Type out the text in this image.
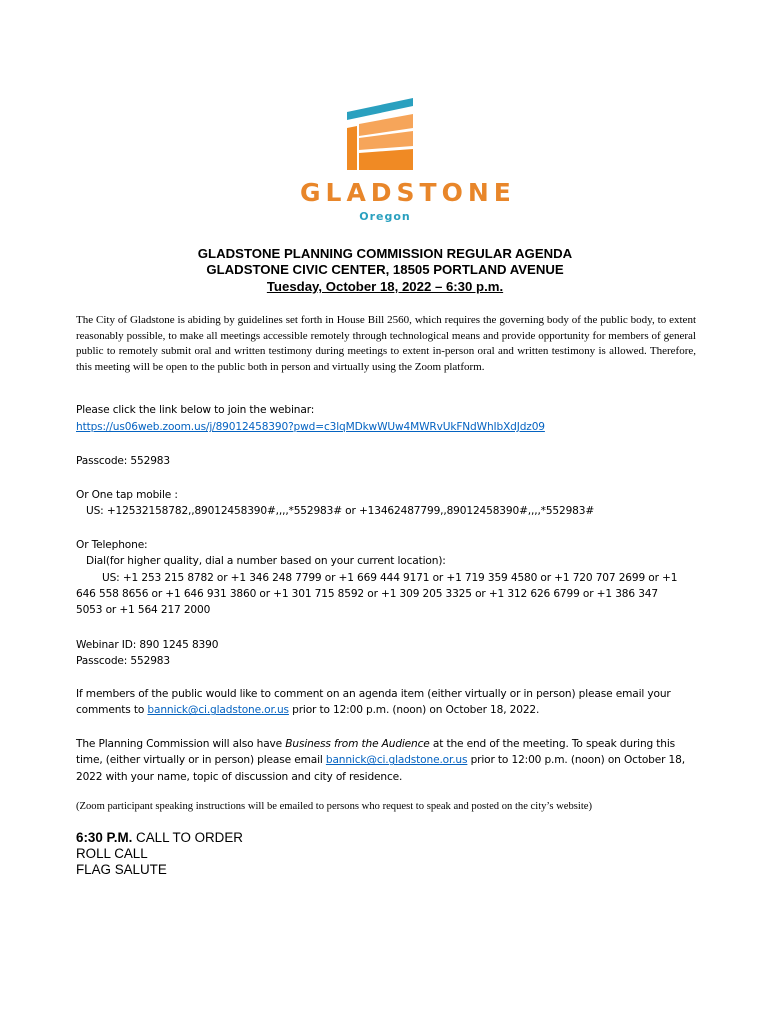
GLADSTONE
Oregon
GLADSTONE PLANNING COMMISSION REGULAR AGENDA
GLADSTONE CIVIC CENTER, 18505 PORTLAND AVENUE
Tuesday, October 18, 2022 – 6:30 p.m.
The City of Gladstone is abiding by guidelines set forth in House Bill 2560, which requires the governing body of the public body, to extent reasonably possible, to make all meetings accessible remotely through technological means and provide opportunity for members of general public to remotely submit oral and written testimony during meetings to extent in-person oral and written testimony is allowed. Therefore, this meeting will be open to the public both in person and virtually using the Zoom platform.
Please click the link below to join the webinar:
https://us06web.zoom.us/j/89012458390?pwd=c3lqMDkwWUw4MWRvUkFNdWhIbXdJdz09
Passcode: 552983
Or One tap mobile :
US: +12532158782,,89012458390#,,,,*552983# or +13462487799,,89012458390#,,,,*552983#
Or Telephone:
Dial(for higher quality, dial a number based on your current location):
US: +1 253 215 8782 or +1 346 248 7799 or +1 669 444 9171 or +1 719 359 4580 or +1 720 707 2699 or +1
646 558 8656 or +1 646 931 3860 or +1 301 715 8592 or +1 309 205 3325 or +1 312 626 6799 or +1 386 347
5053 or +1 564 217 2000
Webinar ID: 890 1245 8390
Passcode: 552983
If members of the public would like to comment on an agenda item (either virtually or in person) please email your comments to bannick@ci.gladstone.or.us prior to 12:00 p.m. (noon) on October 18, 2022.
The Planning Commission will also have Business from the Audience at the end of the meeting. To speak during this time, (either virtually or in person) please email bannick@ci.gladstone.or.us prior to 12:00 p.m. (noon) on October 18, 2022 with your name, topic of discussion and city of residence.
(Zoom participant speaking instructions will be emailed to persons who request to speak and posted on the city’s website)
6:30 P.M. CALL TO ORDER
ROLL CALL
FLAG SALUTE
